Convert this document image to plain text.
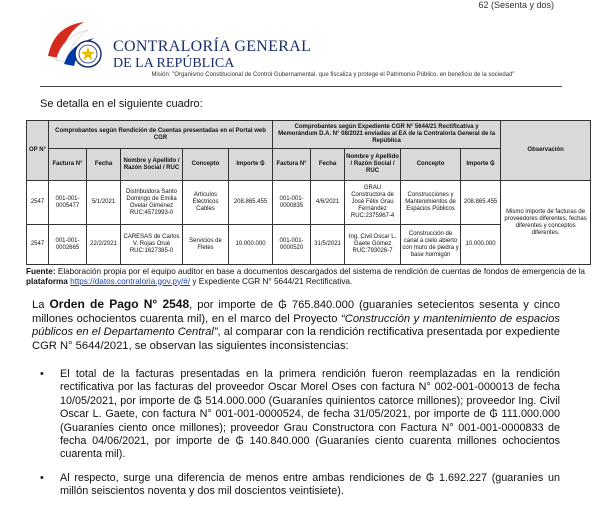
62 (Sesenta y dos)
CONTRALORÍA GENERAL
DE LA REPÚBLICA
Misión: "Organismo Constitucional de Control Gubernamental, que fiscaliza y protege el Patrimonio Público, en beneficio de la sociedad"
Se detalla en el siguiente cuadro:
OP N°	Comprobantes según Rendición de Cuentas presentadas en el Portal web CGR					Comprobantes según Expediente CGR N° 5644/21 Rectificativa y Memorándum D.A. N° 08/2021 enviadas al EA de la Contraloría General de la República					Observación
	Factura N°	Fecha	Nombre y Apellido / Razón Social / RUC	Concepto	Importe ₲	Factura N°	Fecha	Nombre y Apellido / Razón Social / RUC	Concepto	Importe ₲	
2547	001-001-0005477	5/1/2021	Distribuidora Santo Domingo de Emilia Ovelar Giménez RUC:4572993-0	Artículos Eléctricos Cables	208.865.455	001-001-0000835	4/6/2021	GRAU Constructora de José Félix Grau Fernández RUC:2375967-4	Construcciones y Mantenimientos de Espacios Públicos	208.865.455	Mismo importe de facturas de proveedores diferentes, fechas diferentes y conceptos diferentes.
2547	001-001-0002665	22/2/2021	CARESAS de Carlos V. Rojas Oruè RUC:1627385-0	Servicios de Fletes	10.000.000	001-001-0000520	31/5/2021	Ing. Civil Oscar L. Gaete Gómez RUC:793026-7	Construcción de canal a cielo abierto con muro de piedra y base hormigón	10.000.000	
Fuente: Elaboración propia por el equipo auditor en base a documentos descargados del sistema de rendición de cuentas de fondos de emergencia de la plataforma https://datos.contraloria.gov.py/#/ y Expediente CGR N° 5644/21 Rectificativa.
La Orden de Pago N° 2548, por importe de ₲ 765.840.000 (guaraníes setecientos sesenta y cinco millones ochocientos cuarenta mil), en el marco del Proyecto “Construcción y mantenimiento de espacios públicos en el Departamento Central”, al comparar con la rendición rectificativa presentada por expediente CGR N° 5644/2021, se observan las siguientes inconsistencias:
• El total de la facturas presentadas en la primera rendición fueron reemplazadas en la rendición rectificativa por las facturas del proveedor Oscar Morel Oses con factura N° 002-001-000013 de fecha 10/05/2021, por importe de ₲ 514.000.000 (Guaraníes quinientos catorce millones); proveedor Ing. Civil Oscar L. Gaete, con factura N° 001-001-0000524, de fecha 31/05/2021, por importe de ₲ 111.000.000 (Guaraníes ciento once millones); proveedor Grau Constructora con Factura N° 001-001-0000833 de fecha 04/06/2021, por importe de ₲ 140.840.000 (Guaraníes ciento cuarenta millones ochocientos cuarenta mil).
• Al respecto, surge una diferencia de menos entre ambas rendiciones de ₲ 1.692.227 (guaraníes un millón seiscientos noventa y dos mil doscientos veintisiete).
